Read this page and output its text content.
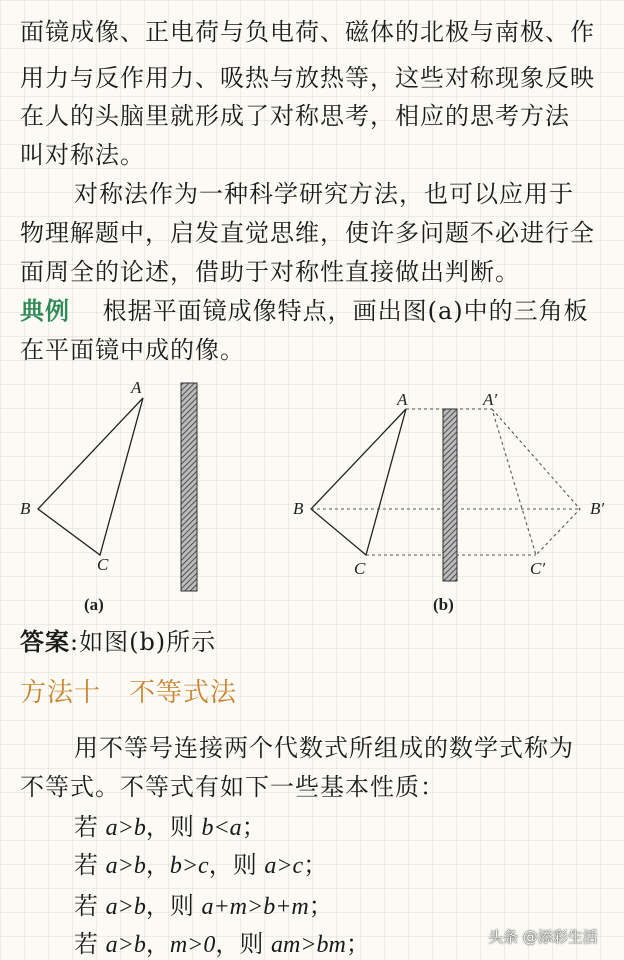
面镜成像、正电荷与负电荷、磁体的北极与南极、作
用力与反作用力、吸热与放热等，这些对称现象反映
在人的头脑里就形成了对称思考，相应的思考方法
叫对称法。
对称法作为一种科学研究方法，也可以应用于
物理解题中，启发直觉思维，使许多问题不必进行全
面周全的论述，借助于对称性直接做出判断。
典例 根据平面镜成像特点，画出图(a)中的三角板
在平面镜中成的像。
A
B
C
(a)
A
B
C
A′
B′
C′
(b)
答案:如图(b)所示
方法十 不等式法
用不等号连接两个代数式所组成的数学式称为
不等式。不等式有如下一些基本性质：
若 a>b，则 b<a；
若 a>b，b>c，则 a>c；
若 a>b，则 a+m>b+m；
若 a>b，m>0，则 am>bm；	头条 @添彩生活
